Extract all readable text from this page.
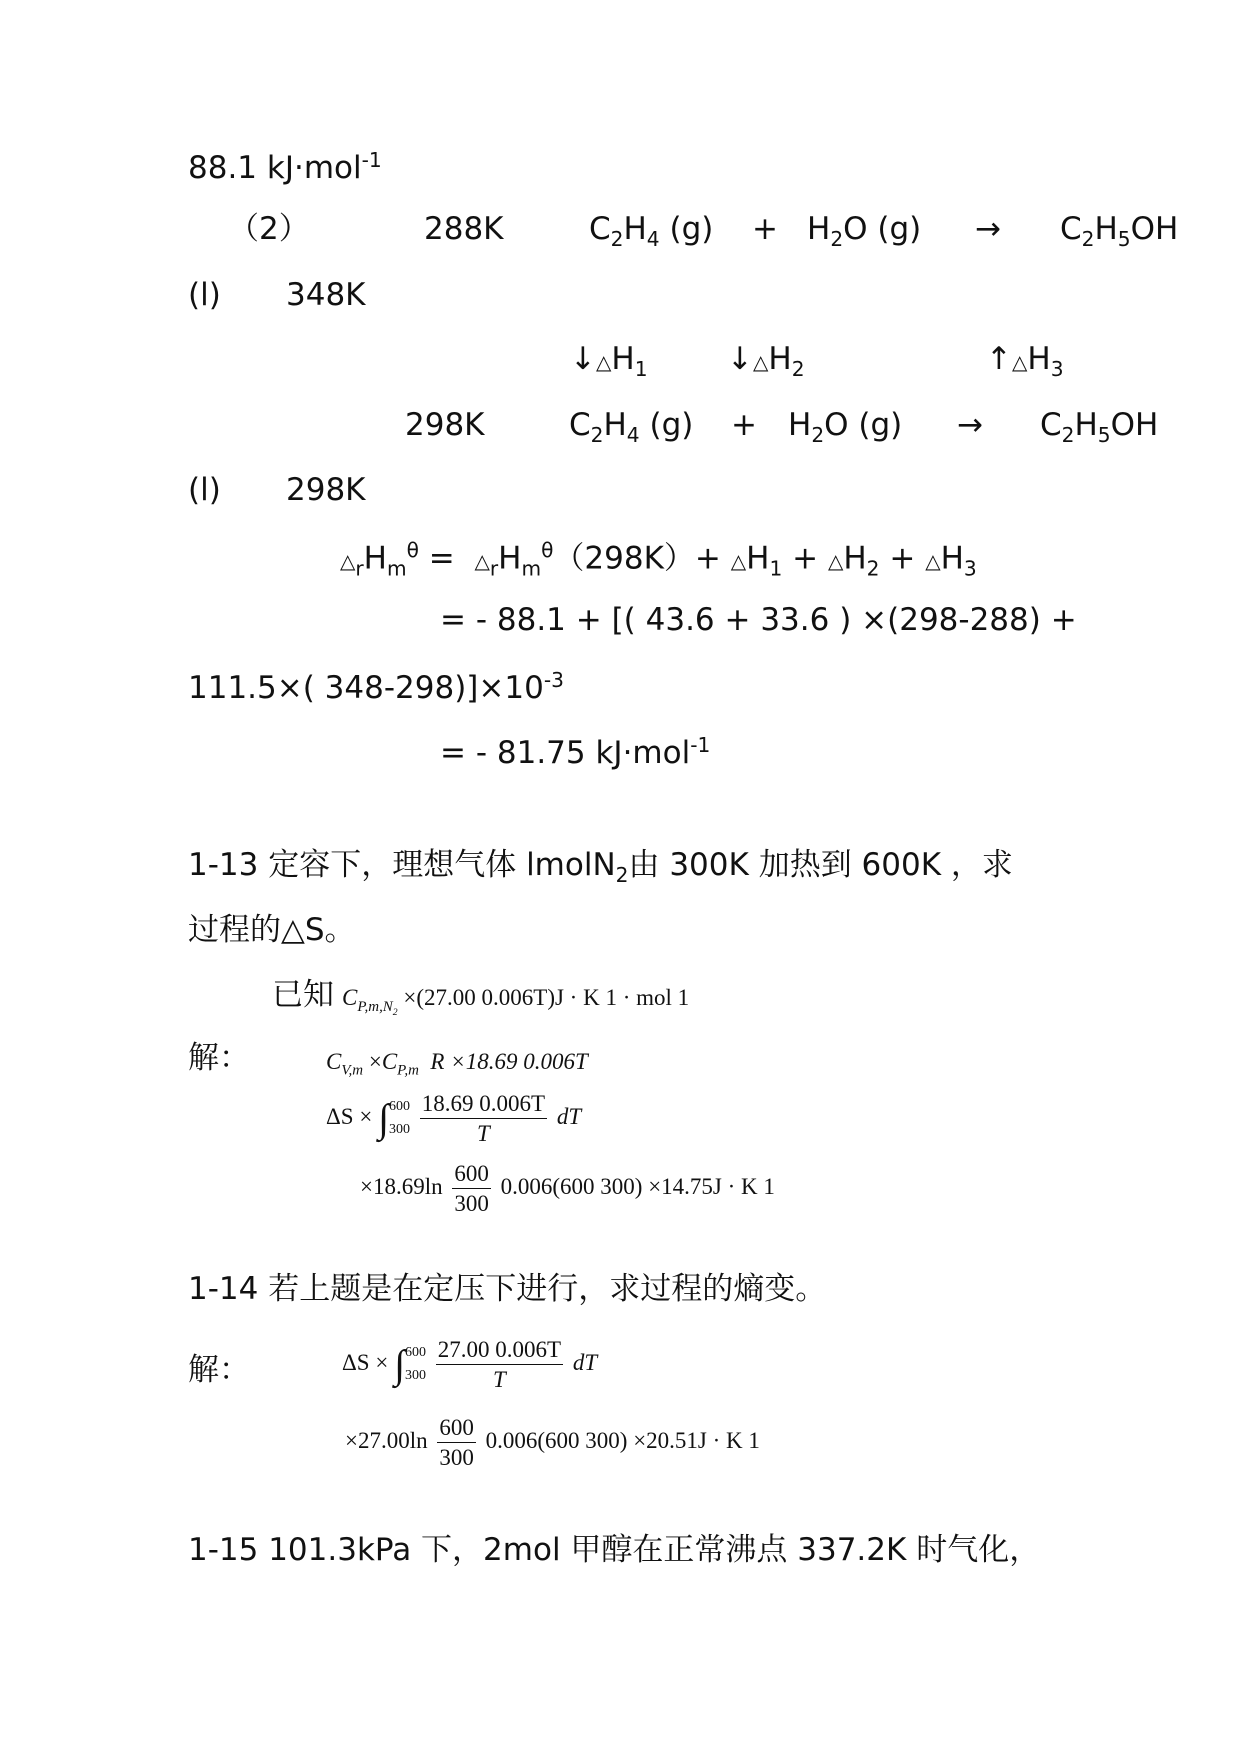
88.1 kJ·mol$^{-1}$
（2）	288K	$C_2H_4$ $(g) + H_2O$ $(g) \to C_2H_5OH$
(l) 348K
$↓\triangle H_1$	$↓\triangle H_2$	$↑\triangle H_3$
298K	$C_2H_4$ $(g) + H_2O$ $(g) \to C_2H_5OH$
(l) 298K
$\triangle_rH_m^\theta$ =  $\triangle_rH_m^\theta(298K)+$ $\triangle H_1$ + $\triangle H_2$ + $\triangle H_3$
= - 88.1 + [( 43.6 + 33.6 ) ×(298-288) +
111.5×( $348-298)]\times 10^{-3}$
= - 81.75 kJ·mol$^{-1}$
1-13 定容下，理想气体 lmolN$_2$由 300K 加热到 600K ，求
过程的△S。
已知 $C_{P,m,N_2} \times(27.00$ 0.006T)J · K 1 · mol 1
解：	$C_{V,m} \times C_{P,m}$ R ×18.69 0.006T
ΔS × ∫600
$300 \frac{18.69 0.006T}{T}$ dT
$\times 18.69\ln \frac{600}{300} 0.006(600$ 300) ×14.75J · K 1
1-14 若上题是在定压下进行，求过程的熵变。
解：	ΔS × ∫600
$300 \frac{27.00 0.006T}{T}$ dT
$\times 27.00\ln \frac{600}{300} 0.006(600$ 300) ×20.51J · K 1
1-15 101.3kPa 下，2mol 甲醇在正常沸点 337.2K 时气化，
